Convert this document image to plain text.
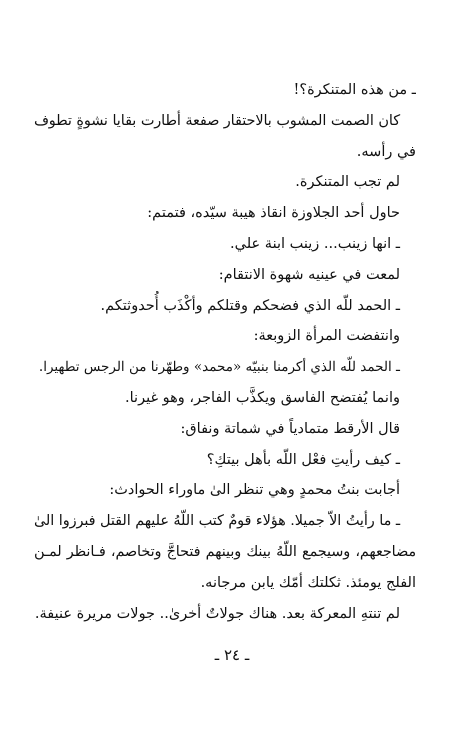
ـ من هذه المتنكرة؟!
كان الصمت المشوب بالاحتقار صفعة أطارت بقايا نشوةٍ تطوف
في رأسه.
لم تجب المتنكرة.
حاول أحد الجلاوزة انقاذ هيبة سيّده، فتمتم:
ـ انها زينب... زينب ابنة علي.
لمعت في عينيه شهوة الانتقام:
ـ الحمد للّه الذي فضحكم وقتلكم وأكْذَب أُحدوثتكم.
وانتفضت المرأة الزوبعة:
ـ الحمد للّه الذي أكرمنا بنبيّه «محمد» وطهّرنا من الرجس تطهيرا.
وانما يُفتضح الفاسق ويكذَّب الفاجر، وهو غيرنا.
قال الأرقط متمادياً في شماتة ونفاق:
ـ كيف رأيتِ فعْل اللّه بأهل بيتكِ؟
أجابت بنتُ محمدٍ وهي تنظر الىٰ ماوراء الحوادث:
ـ ما رأيتُ الاّ جميلا. هؤلاء قومٌ كتب اللّهُ عليهم القتل فبرزوا الىٰ
مضاجعهم، وسيجمع اللّهُ بينك وبينهم فتحاجَّ وتخاصم، فـانظر لمـن
الفلج يومئذ. ثكلتك أمّك يابن مرجانه.
لم تنتهِ المعركة بعد. هناك جولاتٌ أخرىٰ.. جولات مريرة عنيفة.
ـ ٢٤ ـ
